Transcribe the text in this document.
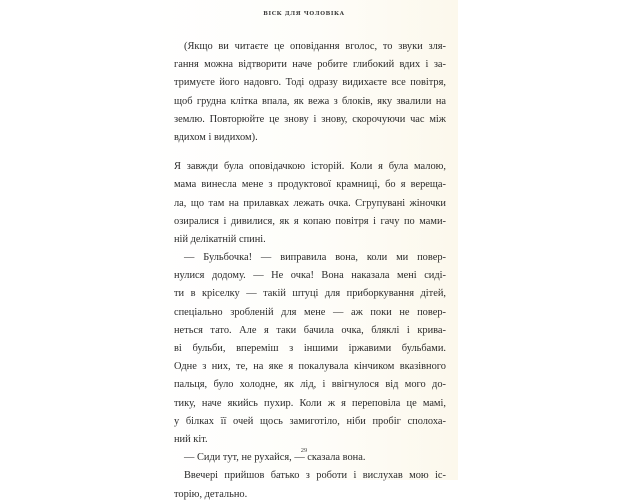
ВІСК ДЛЯ ЧОЛОВІКА
(Якщо ви читаєте це оповідання вголос, то звуки зля-
гання можна відтворити наче робите глибокий вдих і за-
тримуєте його надовго. Тоді одразу видихаєте все повітря,
щоб грудна клітка впала, як вежа з блоків, яку звалили на
землю. Повторюйте це знову і знову, скорочуючи час між
вдихом і видихом).
Я завжди була оповідачкою історій. Коли я була малою,
мама винесла мене з продуктової крамниці, бо я вереща-
ла, що там на прилавках лежать очка. Сгрупувані жіночки
озиралися і дивилися, як я копаю повітря і гачу по мами-
ній делікатній спині.
— Бульбочка! — виправила вона, коли ми повер-
нулися додому. — Не очка! Вона наказала мені сиді-
ти в кріселку — такій штуці для приборкування дітей,
спеціально зробленій для мене — аж поки не повер-
неться тато. Але я таки бачила очка, бляклі і крива-
ві бульби, впереміш з іншими іржавими бульбами.
Одне з них, те, на яке я покалувала кінчиком вказівного
пальця, було холодне, як лід, і ввігнулося від мого до-
тику, наче якийсь пухир. Коли ж я переповіла це мамі,
у білках її очей щось замиготіло, ніби пробіг сполоха-
ний кіт.
— Сиди тут, не рухайся, — сказала вона.
Ввечері прийшов батько з роботи і вислухав мою іс-
торію, детально.
29
